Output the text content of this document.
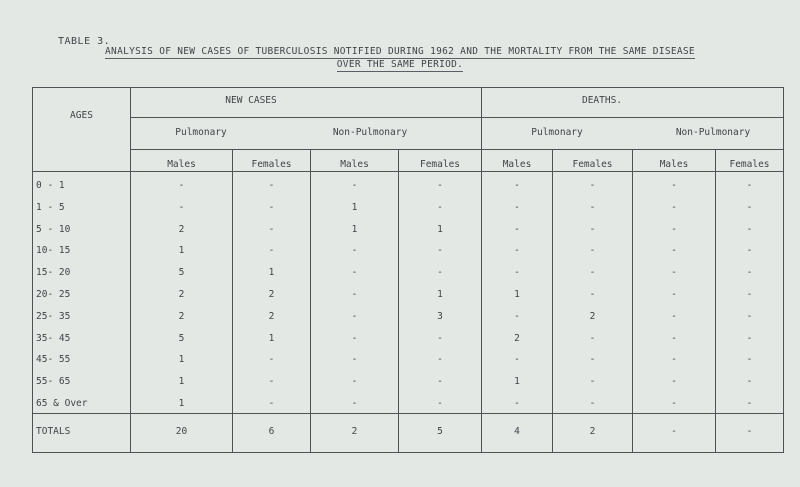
TABLE 3.
ANALYSIS OF NEW CASES OF TUBERCULOSIS NOTIFIED DURING 1962 AND THE MORTALITY FROM THE SAME DISEASE
OVER THE SAME PERIOD.
AGES
NEW CASES	DEATHS.
Pulmonary	Non-Pulmonary	Pulmonary	Non-Pulmonary
Males	Females	Males	Females	Males	Females	Males	Females
0 - 1	-	-	-	-	-	-	-	-
1 - 5	-	-	1	-	-	-	-	-
5 - 10	2	-	1	1	-	-	-	-
10- 15	1	-	-	-	-	-	-	-
15- 20	5	1	-	-	-	-	-	-
20- 25	2	2	-	1	1	-	-	-
25- 35	2	2	-	3	-	2	-	-
35- 45	5	1	-	-	2	-	-	-
45- 55	1	-	-	-	-	-	-	-
55- 65	1	-	-	-	1	-	-	-
65 & Over	1	-	-	-	-	-	-	-
TOTALS	20	6	2	5	4	2	-	-
